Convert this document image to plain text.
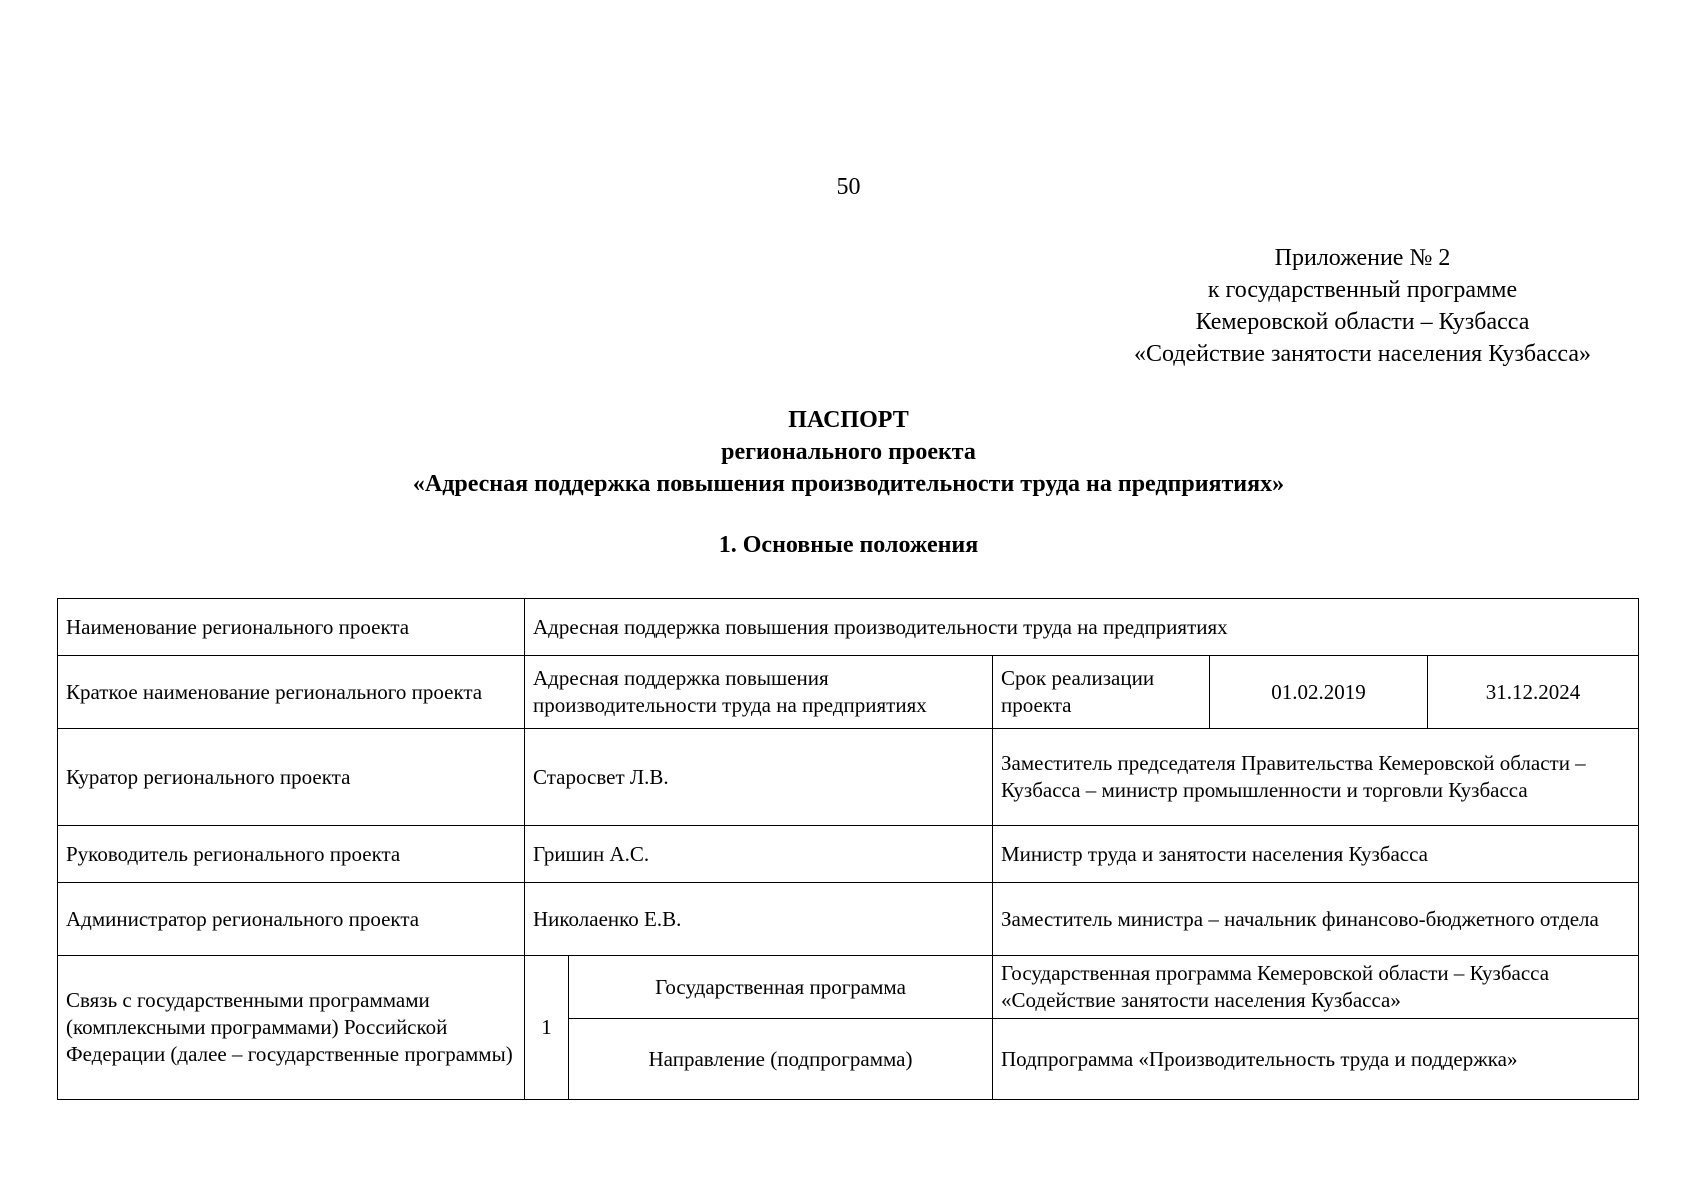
50
Приложение № 2
к государственный программе
Кемеровской области – Кузбасса
«Содействие занятости населения Кузбасса»
ПАСПОРТ
регионального проекта
«Адресная поддержка повышения производительности труда на предприятиях»
1. Основные положения
Наименование регионального проекта	Адресная поддержка повышения производительности труда на предприятиях				
Краткое наименование регионального проекта	Адресная поддержка повышения производительности труда на предприятиях		Срок реализации проекта	01.02.2019	31.12.2024
Куратор регионального проекта	Старосвет Л.В.		Заместитель председателя Правительства Кемеровской области – Кузбасса – министр промышленности и торговли Кузбасса		
Руководитель регионального проекта	Гришин А.С.		Министр труда и занятости населения Кузбасса		
Администратор регионального проекта	Николаенко Е.В.		Заместитель министра – начальник финансово-бюджетного отдела		
Связь с государственными программами (комплексными программами) Российской Федерации (далее – государственные программы)	1	Государственная программа	Государственная программа Кемеровской области – Кузбасса «Содействие занятости населения Кузбасса»		
		Направление (подпрограмма)	Подпрограмма «Производительность труда и поддержка»		
